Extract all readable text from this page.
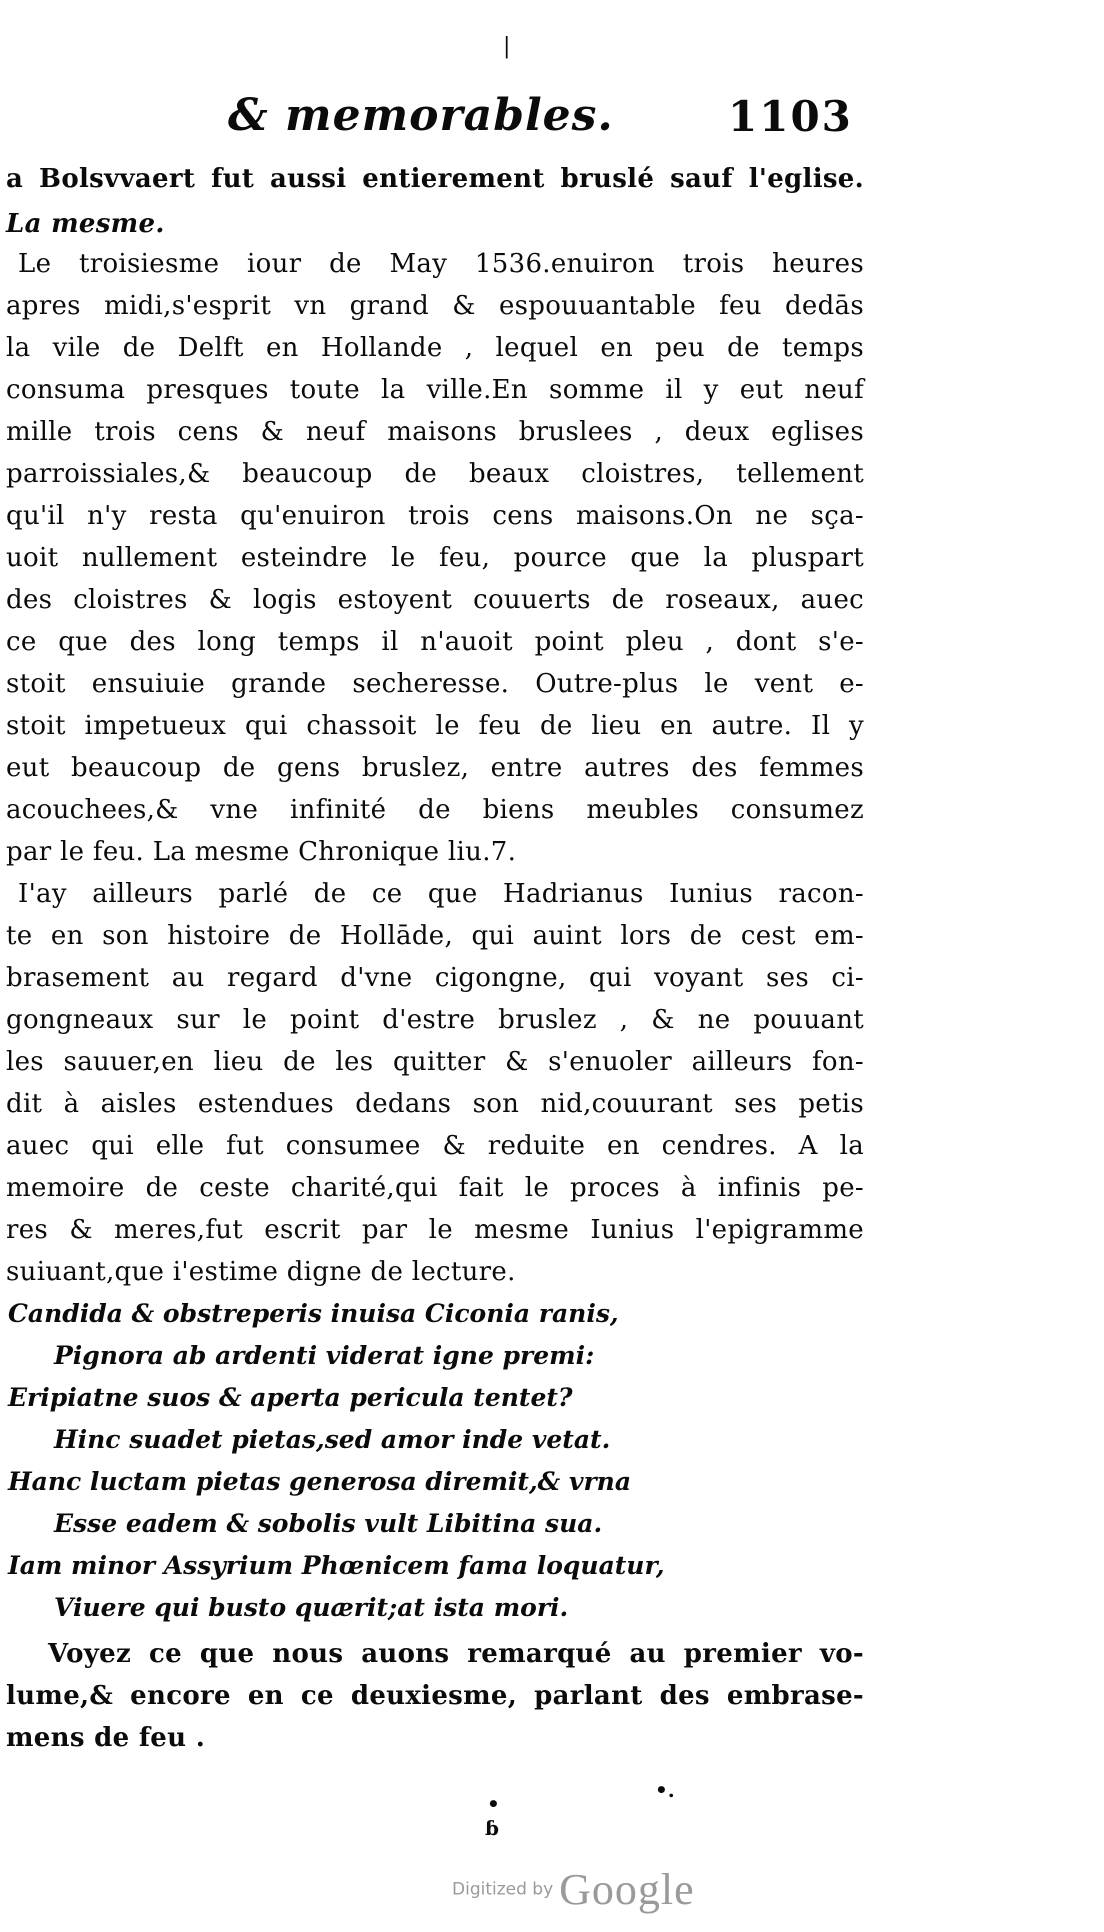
|
& memorables.	1103
a Bolsvvaert fut aussi entierement bruslé sauf l'eglise.
La mesme.
Le troisiesme iour de May 1536.enuiron trois heures
apres midi,s'esprit vn grand & espouuantable feu dedās
la vile de Delft en Hollande , lequel en peu de temps
consuma presques toute la ville.En somme il y eut neuf
mille trois cens & neuf maisons bruslees , deux eglises
parroissiales,& beaucoup de beaux cloistres, tellement
qu'il n'y resta qu'enuiron trois cens maisons.On ne sça-
uoit nullement esteindre le feu, pource que la pluspart
des cloistres & logis estoyent couuerts de roseaux, auec
ce que des long temps il n'auoit point pleu , dont s'e-
stoit ensuiuie grande secheresse. Outre-plus le vent e-
stoit impetueux qui chassoit le feu de lieu en autre. Il y
eut beaucoup de gens bruslez, entre autres des femmes
acouchees,& vne infinité de biens meubles consumez
par le feu. La mesme Chronique liu.7.
I'ay ailleurs parlé de ce que Hadrianus Iunius racon-
te en son histoire de Hollāde, qui auint lors de cest em-
brasement au regard d'vne cigongne, qui voyant ses ci-
gongneaux sur le point d'estre bruslez , & ne pouuant
les sauuer,en lieu de les quitter & s'enuoler ailleurs fon-
dit à aisles estendues dedans son nid,couurant ses petis
auec qui elle fut consumee & reduite en cendres. A la
memoire de ceste charité,qui fait le proces à infinis pe-
res & meres,fut escrit par le mesme Iunius l'epigramme
suiuant,que i'estime digne de lecture.
Candida & obstreperis inuisa Ciconia ranis,
Pignora ab ardenti viderat igne premi:
Eripiatne suos & aperta pericula tentet?
Hinc suadet pietas,sed amor inde vetat.
Hanc luctam pietas generosa diremit,& vrna
Esse eadem & sobolis vult Libitina sua.
Iam minor Assyrium Phœnicem fama loquatur,
Viuere qui busto quærit;at ista mori.
Voyez ce que nous auons remarqué au premier vo-
lume,& encore en ce deuxiesme, parlant des embrase-
mens de feu .
•.
•
ɓ
Digitized by Google
